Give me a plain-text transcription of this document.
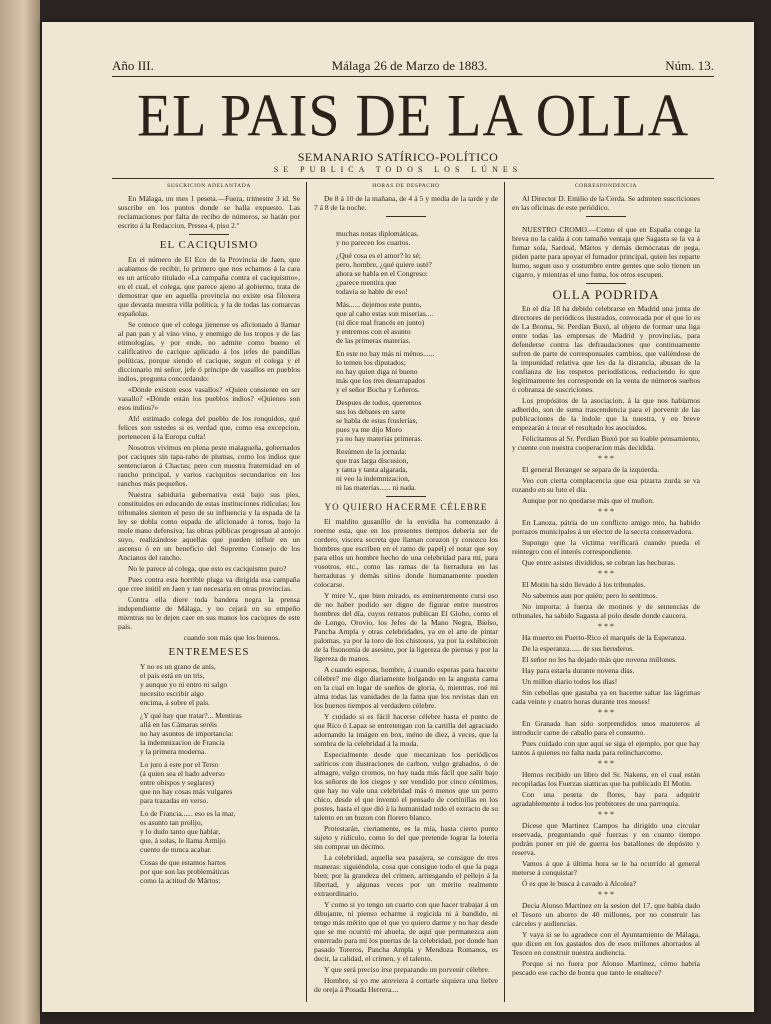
Año III.	Málaga 26 de Marzo de 1883.	Núm. 13.
EL PAIS DE LA OLLA
SEMANARIO SATÍRICO-POLÍTICO
SE PUBLICA TODOS LOS LÚNES
SUSCRICION ADELANTADA

En Málaga, un mes 1 peseta.—Fuera, trimestre 3 id. Se suscribe en los puntos donde se halla expuesto. Las reclamaciones por falta de recibo de números, se harán por escrito á la Redaccion, Presea 4, piso 2.º

EL CACIQUISMO

En el número de El Eco de la Provincia de Jaen, que acabamos de recibir, lo primero que nos echamos á la cara es un artículo titulado «La campaña contra el caciquismo», en el cual, el colega, que parece ajeno al gobierno, trata de demostrar que en aquella provincia no existe esa filoxera que devasta nuestra villa política, y la de todas las comarcas españolas.

Se conoce que el colega jienense es aficionado á llamar al pan pan y al vino vino, y enemigo de los tropos y de las etimologías, y por ende, no admite como bueno el calificativo de cacique aplicado á los jefes de pandillas políticas, porque siendo el cacique, segun el colega y el diccionario mi señor, jefe ó príncipe de vasallos en pueblos indios, pregunta concordando:

«Dónde existen esos vasallos? «Quien consiente en ser vasallo? «Dónde están los pueblos indios? «Quienes son esos indios?»

Ah! estimado colega del pueblo de los ronquidos, qué felices son ustedes si es verdad que, como esa excepcion, pertenecen á la Europa culta!

Nosotros vivimos en plena peste malagueña, gobernados por caciques sin tapa-rabo de plumas, como los indios que sentenciaron á Chactas; pero con nuestra fraternidad en el rancho principal, y varios caciquitos secundarios en los ranchos más pequeños.

Nuestra sabiduría gubernativa está bajo sus pies, constituidos en educando de estas instituciones ridículas; los tribunales sienten el peso de su influencia y la espada de la ley se dobla como espada de aficionado á toros, bajo la mole mano defensiva; las obras públicas progresan al antojo suyo, realizándose aquellas que pueden influir en un ascenso ó en un beneficio del Supremo Consejo de los Ancianos del rancho.

No le parece al colega, que esto es caciquismo puro?

Pues contra esta horrible plaga va dirigida esa campaña que cree inútil en Jaen y tan necesaria en otras provincias.

Contra ella diere toda bandera negra la prensa independiente de Málaga, y no cejará en su empeño mientras no le dejen caer en sus manos los caciques de este pais.

cuando son más que los buenos.

ENTREMESES

Y no es un grano de anís,

el país está en un tris,

y aunque yo ni entro ni salgo

necesito escribir algo

encima, á sobre el país.

¿Y qué hay que tratar?... Mentiras

allá en las Cámaras seréis

no hay asuntos de importancia:

la indemnizacion de Francia

y la primera moderna.

Lo juro á este por el Terso

(á quien sea el hado adverso

entre obispos y seglares)

que no hay cosas más vulgares

para trazadas en verso.

Lo de Francia...... eso es la mar,

es asunto tan prolijo,

y lo dudo tanto que hablar,

que, á solas, le llama Armijo

cuento de nunca acabar.

Cosas de que estamos hartos

por que son las problemáticas

como la actitud de Mártos;

HORAS DE DESPACHO

De 8 á 10 de la mañana, de 4 á 5 y media de la tarde y de 7 á 8 de la noche.

muchas notas diplomáticas,

y no parecen los cuartos.

¿Qué cosa es el amor? lo sé;

pero, hombre, ¿qué quiere usté?

ahora se habla en el Congreso:

¿parece mentira que

todavía se hable de eso!

Más...... dejemos este punto,

que al cabo estas son miserias....

(ni dice mal francés en junto)

y entremos con el asunto

de las primeras materias.

En este no hay más ni ménos......

lo temen los diputados;

no hay quien diga ni bueno

más que los tres desarrapados

y el señor Bocha y Leñeros.

Despues de todos, queremos

sus los debates en sarte

se habla de estas fruslerías,

pues ya me dijo Moro

ya no hay materias primeras.

Resúmen de la jornada:

que tras larga discusion,

y tanta y tanta algarada,

ni veo la indemnizacion,

ni las materias...... ni nada.

YO QUIERO HACERME CÉLEBRE

El maldito gusanillo de la envidia ha comenzado á roerme esta, que en los presentes tiempos debería ser de cordero, viscera secreta que llaman corazon (y conozco los hombres que escriben en el ramo de papel) el notar que soy para ellos un hombre hecho de una celebridad para mí, para vosotros, etc., como las ramas de la herradura en las herraduras y demás sitios donde humanamente pueden colocarse.

Y mire V., que bien mirado, es eminentemente cursi eso de no haber podido ser digno de figurar entre nuestros hombres del día, cuyos retratos publican El Globo, como el de Longo, Orovio, los Jefes de la Mano Negra, Bielso, Pancha Ampla y otras celebridades, ya en el arte de pintar palomas, ya por la toro de los chistosos, ya por la exhibicion de la fisonomía de asesino, por la ligereza de piernas y por la ligereza de manos.

A cuando esperas, hombre, á cuando esperas para hacerte célebre? me digo diariamente holgando en la angusta cama en la cual en lugar de sueños de gloria, ó, mientras, roé mi alma todas las vanidades de la fama que los revistas dan en los buenos tiempos al verdadero célebre.

Y cuidado si es fácil hacerse célebre hasta el punto de que Rico ó Lapaz se entretengan con la cartilla del agraciado adornando la imágen en box, méno de diez, á veces, que la sombra de la celebridad á la moda.

Especialmente desde que mecanizan los periódicos satíricos con ilustraciones de carbon, vulgo grabados, ó de almagre, vulgo cromos, no hay nada más fácil que salir bajo los señores de los ciegos y ser vendido por cinco céntimos, que hay no vale una celebridad más ó menos que un perro chico, desde el que inventó el pensado de cortinillas en los postes, hasta el que dió á la humanidad todo el extracto de su talento en un buzon con florero blanco.

Protestarán, ciertamente, es la mía, hasta cierto punto sujeto y ridículo, como lo del que pretende lograr la lotería sin comprar un décimo.

La celebridad, aquella sea pasajera, se consigue de tres maneras: siguiéndola, cosa que consigue todo el que la paga bien; por la grandeza del crímen, arriesgando el pellejo á la libertad, y algunas veces por un mérito realmente extraordinario.

Y como si yo tengo un cuarto con que hacer trabajar á un dibujante, ni pienso echarme á regicida ni á bandido, ni tengo más mérito que el que yo quiero darme y no hay desde que se me ocurrió mi abuela, de aquí que permanezca aun enterrado para mí los puertas de la celebridad, por donde han pasado Toreros, Pancha Ampla y Mendoza Romanos, es decir, la calidad, el crímen, y el talento.

Y que será preciso irse preparando un porvenir célebre.

Hombre, si yo me atreviera á cortarle siquiera una liebre de oreja á Posada Herrera....

CORRESPONDENCIA

Al Director D. Emilio de la Cerda. Se admiten suscriciones en las oficinas de este periódico.

NUESTRO CROMO.—Como el que en España conge la breva no la caída á con tamaño ventaja que Sagasta se la va á fumar sola, Sardoal, Mártos y demás demócratas de pega, piden parte para apoyar el fumador principal, quien les reparte humo, segun uso y costumbre entre gentes que solo tienen un cigarro, y mientras el uno fuma, los otros escupen.

OLLA PODRIDA

En el día 18 ha debido celebrarse en Madrid una junta de directores de periódicos ilustrados, convocada por el que lo es de La Broma, Sr. Perdían Buxó, al objeto de formar una liga entre todas las empresas de Madrid y provincias, para defenderse contra las defraudaciones que continuamente sufren de parte de corresponsales cambios, que valiéndose de la impunidad relativa que les da la distancia, abusan de la confianza de los respetos periodísticos, reduciendo lo que legítimamente les corresponde en la venta de números sueltos ó cobranza de suscriciones.

Los propósitos de la asociacion, á la que nos habíamos adherido, son de suma trascendencia para el porvenir de las publicaciones de la índole que la nuestra, y en breve empezarán á tocar el resultado los asociados.

Felicitamos al Sr. Perdían Buxó por su loable pensamiento, y cuente con nuestra cooperacion más decidida.

* * *

El general Beranger se separa de la izquierda.

Veo con cierta complacencia que esa pizarra zurda se va rozando en su luto el día.

Aunque por no quedarse más que el muñon.

* * *

En Lanoza, pátria de un conflicto amigo mio, ha habido porrazos municipales á un elector de la seccta conservadora.

Supongo que la víctima verificará cuando pueda el reintegro con el interés correspondiente.

Que entre asistes divididos, se cobran las hechuras.

* * *

El Motin ha sido llevado á los tribunales.

No sabemos aun por quién; pero lo sentimos.

No importa: á fuerza de motines y de sentencias de tribunales, ha sabido Sagasta al polo desde donde caucera.

* * *

Ha muerto en Puerto-Rico el marqués de la Esperanza.

De la esperanza...... de sus herederos.

El señor no les ha dejado más que novena millones.

Hay para estarla durante novena días.

Un millon diario todos los días!

Sin cebollas que gastaba ya en haceme saltar las lágrimas cada veinte y cuatro horas durante tres meses!

* * *

En Granada han sido sorprendidos unos matuteros al introducir carne de caballo para el consumo.

Pues cuidado con que aquí se siga el ejemplo, por que hay tantos á quienes no falta nada para relincharcomo.

* * *

Hemos recibido un libro del Sr. Nakens, en el cual están recopiladas los Fuerzas siatticas que ha publicado El Motin.

Con una peseta de flores, hay para adquirir agradablemente á todos los probitores de una parroquia.

* * *

Dicese que Martinez Campos ha dirigido una circular reservada, preguntando qué fuerzas y en cuanto tiempo podrán poner en pié de guerra los batallones de depósito y reserva.

Vamos á que á última hora se le ha ocurrido al general meterse á conquistar?

Ó es que le busca á cavado á Alcolea?

* * *

Decia Alonso Martinez en la sesion del 17, que había dado el Tesoro un ahorro de 40 millones, por no construir las cárceles y audiencias.

Y vaya si se lo agradece con el Ayuntamiento de Málaga, que dicen en los gastados dos de esos millones ahorrados al Tesoro en construir nuestra audiencia.

Porque si no fuera por Alonso Martinez, cómo habría pescado ese cacho de honra que tanto le enaltece?
